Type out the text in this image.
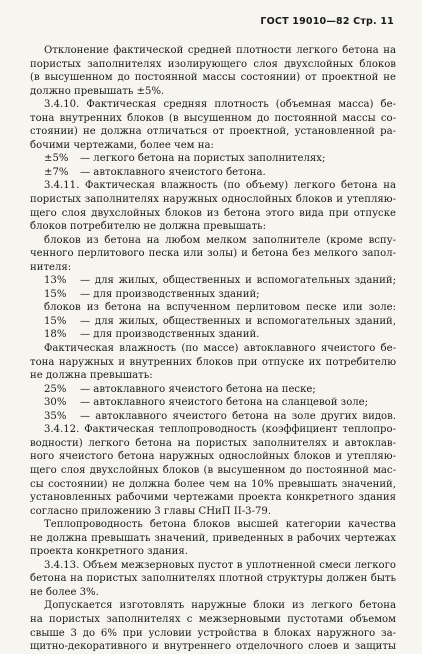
ГОСТ 19010—82 Стр. 11
Отклонение фактической средней плотности легкого бетона на
пористых заполнителях изолирующего слоя двухслойных блоков
(в высушенном до постоянной массы состоянии) от проектной не
должно превышать ±5%.
3.4.10. Фактическая средняя плотность (объемная масса) бе-
тона внутренних блоков (в высушенном до постоянной массы со-
стоянии) не должна отличаться от проектной, установленной ра-
бочими чертежами, более чем на:
±5%	— легкого бетона на пористых заполнителях;
±7%	— автоклавного ячеистого бетона.
3.4.11. Фактическая влажность (по объему) легкого бетона на
пористых заполнителях наружных однослойных блоков и утепляю-
щего слоя двухслойных блоков из бетона этого вида при отпуске
блоков потребителю не должна превышать:
блоков из бетона на любом мелком заполнителе (кроме вспу-
ченного перлитового песка или золы) и бетона без мелкого запол-
нителя:
13%	— для жилых, общественных и вспомогательных зданий;
15%	— для производственных зданий;
блоков из бетона на вспученном перлитовом песке или золе:
15%	— для жилых, общественных и вспомогательных зданий,
18%	— для производственных зданий.
Фактическая влажность (по массе) автоклавного ячеистого бе-
тона наружных и внутренних блоков при отпуске их потребителю
не должна превышать:
25%	— автоклавного ячеистого бетона на песке;
30%	— автоклавного ячеистого бетона на сланцевой золе;
35%	— автоклавного ячеистого бетона на золе других видов.
3.4.12. Фактическая теплопроводность (коэффициент теплопро-
водности) легкого бетона на пористых заполнителях и автоклав-
ного ячеистого бетона наружных однослойных блоков и утепляю-
щего слоя двухслойных блоков (в высушенном до постоянной мас-
сы состоянии) не должна более чем на 10% превышать значений,
установленных рабочими чертежами проекта конкретного здания
согласно приложению 3 главы СНиП II-3-79.
Теплопроводность бетона блоков высшей категории качества
не должна превышать значений, приведенных в рабочих чертежах
проекта конкретного здания.
3.4.13. Объем межзерновых пустот в уплотненной смеси легкого
бетона на пористых заполнителях плотной структуры должен быть
не более 3%.
Допускается изготовлять наружные блоки из легкого бетона
на пористых заполнителях с межзерновыми пустотами объемом
свыше 3 до 6% при условии устройства в блоках наружного за-
щитно-декоративного и внутреннего отделочного слоев и защиты
